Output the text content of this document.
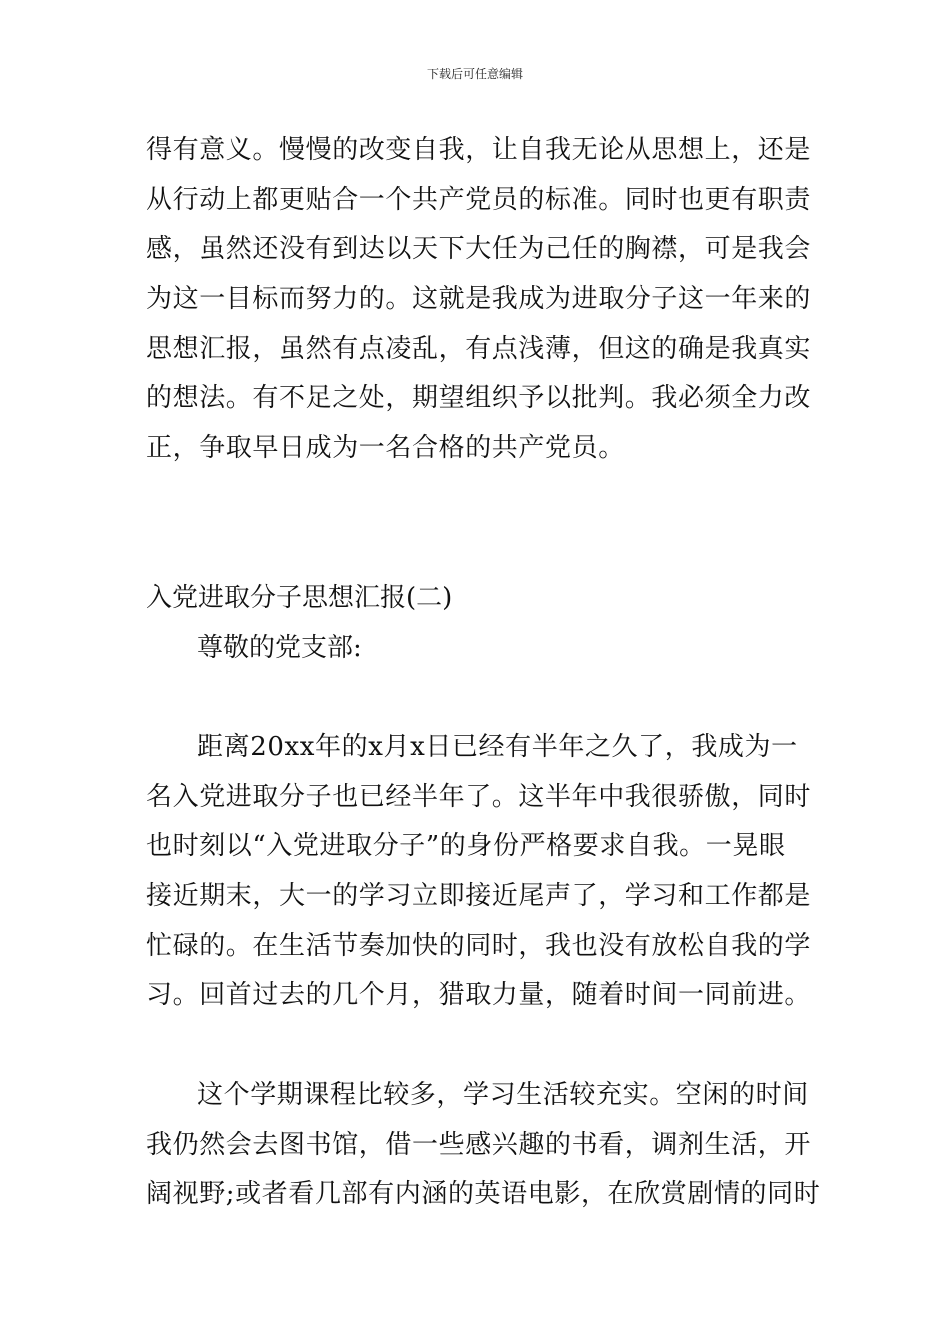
下载后可任意编辑
得有意义。慢慢的改变自我，让自我无论从思想上，还是
从行动上都更贴合一个共产党员的标准。同时也更有职责
感，虽然还没有到达以天下大任为己任的胸襟，可是我会
为这一目标而努力的。这就是我成为进取分子这一年来的
思想汇报，虽然有点凌乱，有点浅薄，但这的确是我真实
的想法。有不足之处，期望组织予以批判。我必须全力改
正，争取早日成为一名合格的共产党员。
入党进取分子思想汇报(二)
尊敬的党支部:
距离20xx年的x月x日已经有半年之久了，我成为一
名入党进取分子也已经半年了。这半年中我很骄傲，同时
也时刻以“入党进取分子”的身份严格要求自我。一晃眼
接近期末，大一的学习立即接近尾声了，学习和工作都是
忙碌的。在生活节奏加快的同时，我也没有放松自我的学
习。回首过去的几个月，猎取力量，随着时间一同前进。
这个学期课程比较多，学习生活较充实。空闲的时间
我仍然会去图书馆，借一些感兴趣的书看，调剂生活，开
阔视野;或者看几部有内涵的英语电影，在欣赏剧情的同时
